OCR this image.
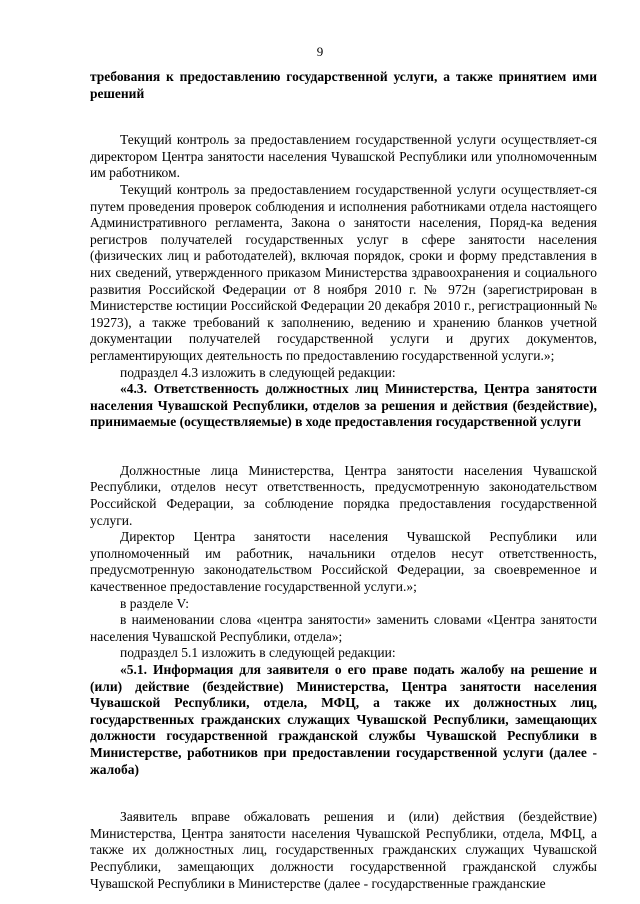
9

требования к предоставлению государственной услуги, а также принятием ими решений

Текущий контроль за предоставлением государственной услуги осуществляет-ся директором Центра занятости населения Чувашской Республики или уполномоченным им работником.

Текущий контроль за предоставлением государственной услуги осуществляет-ся путем проведения проверок соблюдения и исполнения работниками отдела настоящего Административного регламента, Закона о занятости населения, Поряд-ка ведения регистров получателей государственных услуг в сфере занятости населения (физических лиц и работодателей), включая порядок, сроки и форму представления в них сведений, утвержденного приказом Министерства здравоохранения и социального развития Российской Федерации от 8 ноября 2010 г. № 972н (зарегистрирован в Министерстве юстиции Российской Федерации 20 декабря 2010 г., регистрационный № 19273), а также требований к заполнению, ведению и хранению бланков учетной документации получателей государственной услуги и других документов, регламентирующих деятельность по предоставлению государственной услуги.»;

подраздел 4.3 изложить в следующей редакции:

«4.3. Ответственность должностных лиц Министерства, Центра занятости населения Чувашской Республики, отделов за решения и действия (бездействие), принимаемые (осуществляемые) в ходе предоставления государственной услуги

Должностные лица Министерства, Центра занятости населения Чувашской Республики, отделов несут ответственность, предусмотренную законодательством Российской Федерации, за соблюдение порядка предоставления государственной услуги.

Директор Центра занятости населения Чувашской Республики или уполномоченный им работник, начальники отделов несут ответственность, предусмотренную законодательством Российской Федерации, за своевременное и качественное предоставление государственной услуги.»;

в разделе V:

в наименовании слова «центра занятости» заменить словами «Центра занятости населения Чувашской Республики, отдела»;

подраздел 5.1 изложить в следующей редакции:

«5.1. Информация для заявителя о его праве подать жалобу на решение и (или) действие (бездействие) Министерства, Центра занятости населения Чувашской Республики, отдела, МФЦ, а также их должностных лиц, государственных гражданских служащих Чувашской Республики, замещающих должности государственной гражданской службы Чувашской Республики в Министерстве, работников при предоставлении государственной услуги (далее - жалоба)

Заявитель вправе обжаловать решения и (или) действия (бездействие) Министерства, Центра занятости населения Чувашской Республики, отдела, МФЦ, а также их должностных лиц, государственных гражданских служащих Чувашской Республики, замещающих должности государственной гражданской службы Чувашской Республики в Министерстве (далее - государственные гражданские
